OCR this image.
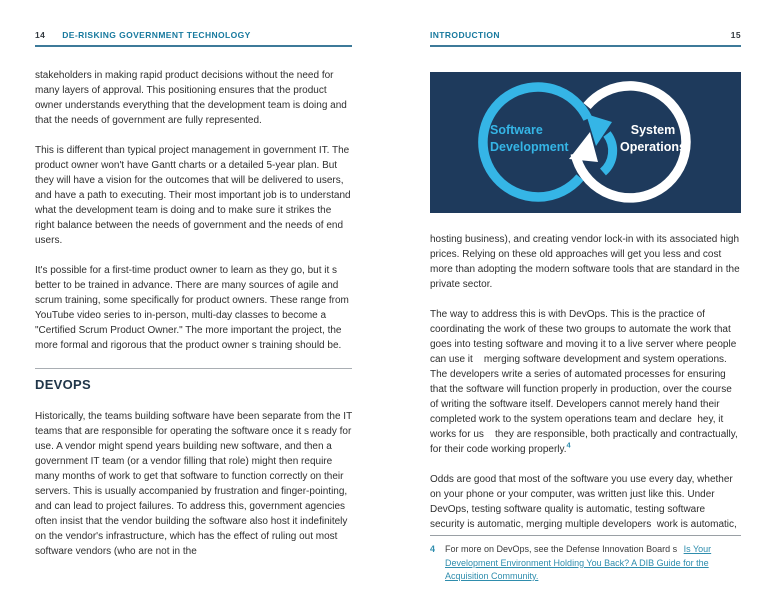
14 DE-RISKING GOVERNMENT TECHNOLOGY

stakeholders in making rapid product decisions without the need for many layers of approval. This positioning ensures that the product owner understands everything that the development team is doing and that the needs of government are fully represented.

This is different than typical project management in government IT. The product owner won't have Gantt charts or a detailed 5-year plan. But they will have a vision for the outcomes that will be delivered to users, and have a path to executing. Their most important job is to understand what the development team is doing and to make sure it strikes the right balance between the needs of government and the needs of end users.

It's possible for a first-time product owner to learn as they go, but it s better to be trained in advance. There are many sources of agile and scrum training, some specifically for product owners. These range from YouTube video series to in-person, multi-day classes to become a "Certified Scrum Product Owner." The more important the project, the more formal and rigorous that the product owner s training should be.

DEVOPS

Historically, the teams building software have been separate from the IT teams that are responsible for operating the software once it s ready for use. A vendor might spend years building new software, and then a government IT team (or a vendor filling that role) might then require many months of work to get that software to function correctly on their servers. This is usually accompanied by frustration and finger-pointing, and can lead to project failures. To address this, government agencies often insist that the vendor building the software also host it indefinitely on the vendor's infrastructure, which has the effect of ruling out most software vendors (who are not in the

INTRODUCTION	15
Software Development
System Operations

hosting business), and creating vendor lock-in with its associated high prices. Relying on these old approaches will get you less and cost more than adopting the modern software tools that are standard in the private sector.

The way to address this is with DevOps. This is the practice of coordinating the work of these two groups to automate the work that goes into testing software and moving it to a live server where people can use it    merging software development and system operations. The developers write a series of automated processes for ensuring that the software will function properly in production, over the course of writing the software itself. Developers cannot merely hand their completed work to the system operations team and declare  hey, it works for us    they are responsible, both practically and contractually, for their code working properly.$^4$

Odds are good that most of the software you use every day, whether on your phone or your computer, was written just like this. Under DevOps, testing software quality is automatic, testing software security is automatic, merging multiple developers  work is automatic,

4 For more on DevOps, see the Defense Innovation Board s Is Your Development Environment Holding You Back? A DIB Guide for the Acquisition Community.
